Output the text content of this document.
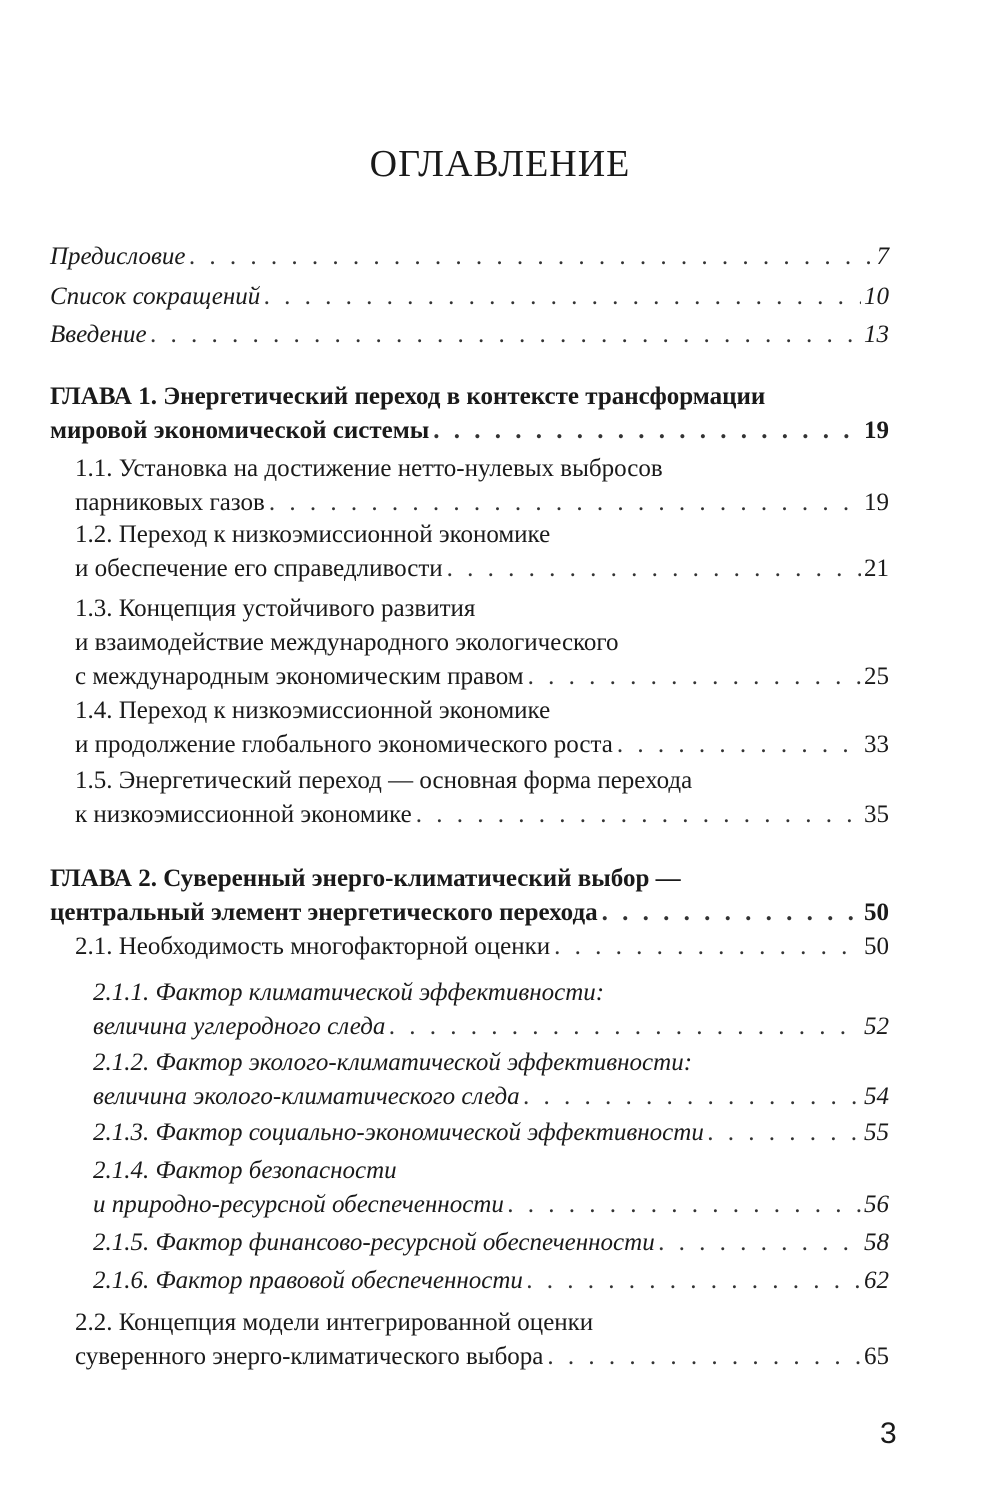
ОГЛАВЛЕНИЕ
Предисловие . . .	7
Список сокращений . . .	10
Введение . . .	13
ГЛАВА 1. Энергетический переход в контексте трансформации
мировой экономической системы . . .	19
1.1. Установка на достижение нетто-нулевых выбросов
парниковых газов . . .	19
1.2. Переход к низкоэмиссионной экономике
и обеспечение его справедливости . . .	21
1.3. Концепция устойчивого развития
и взаимодействие международного экологического
с международным экономическим правом . . .	25
1.4. Переход к низкоэмиссионной экономике
и продолжение глобального экономического роста . . .	33
1.5. Энергетический переход — основная форма перехода
к низкоэмиссионной экономике . . .	35
ГЛАВА 2. Суверенный энерго-климатический выбор —
центральный элемент энергетического перехода . . .	50
2.1. Необходимость многофакторной оценки . . .	50
2.1.1. Фактор климатической эффективности:
величина углеродного следа . . .	52
2.1.2. Фактор эколого-климатической эффективности:
величина эколого-климатического следа . . .	54
2.1.3. Фактор социально-экономической эффективности . . .	55
2.1.4. Фактор безопасности
и природно-ресурсной обеспеченности . . .	56
2.1.5. Фактор финансово-ресурсной обеспеченности . . .	58
2.1.6. Фактор правовой обеспеченности . . .	62
2.2. Концепция модели интегрированной оценки
суверенного энерго-климатического выбора . . .	65
3
